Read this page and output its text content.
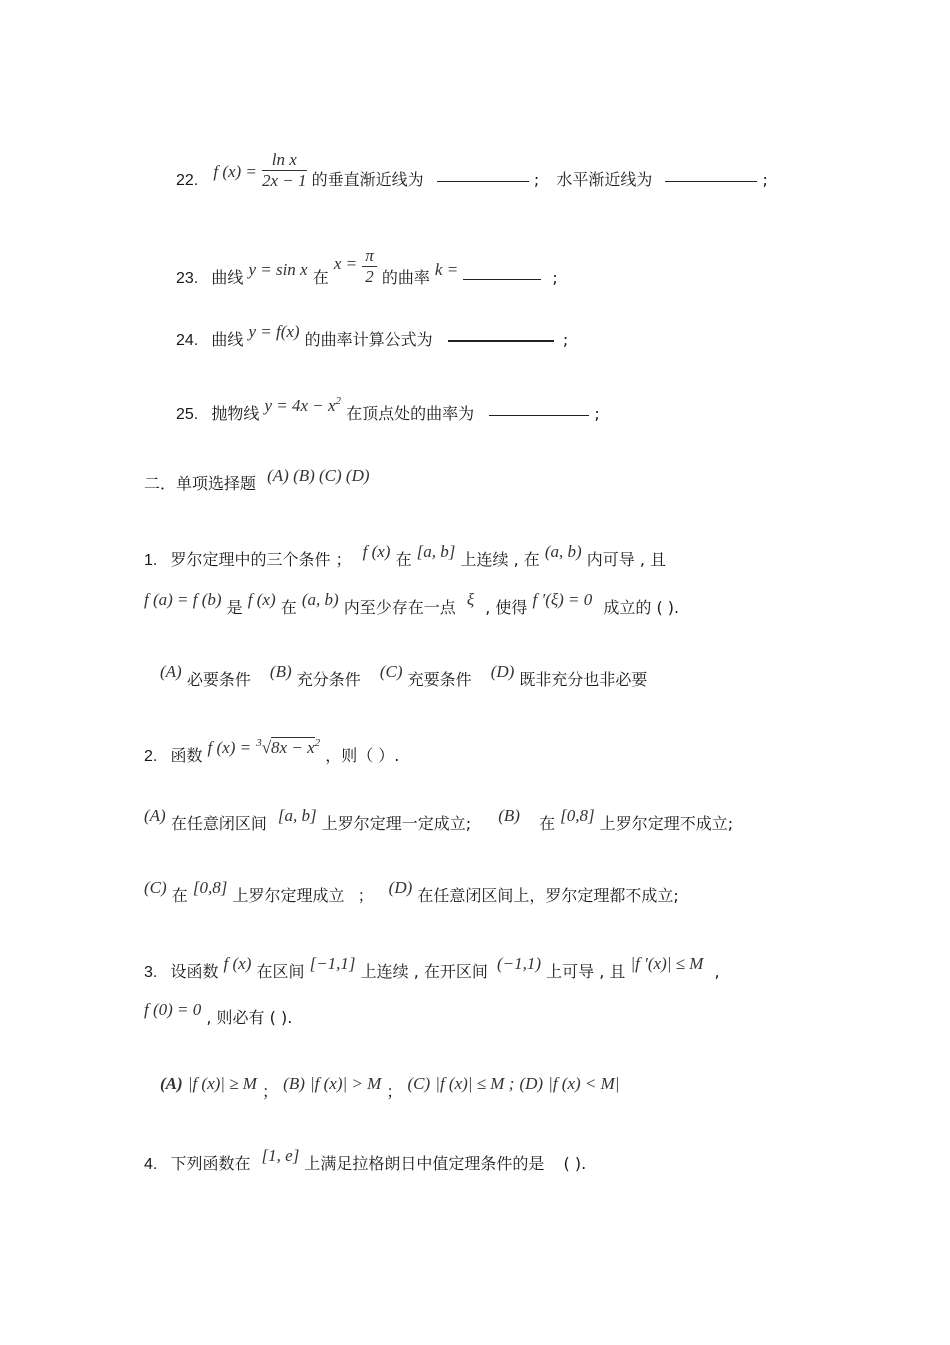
22. f $(x) = \frac{\text{ln x}}{2x - 1}$ 的垂直渐近线为	; 水平渐近线为	;
23. 曲线 y = sin x 在 $x = \frac{\pi}{2}$ 的曲率 k =	;
24. 曲线 y = f(x) 的曲率计算公式为	;
25. 抛物线 $y = 4x - x^2$ 在顶点处的曲率为	;
二．单项选择题 (A) (B) (C) (D)
1. 罗尔定理中的三个条件 ； f (x) 在 [a, b] 上连续 , 在 (a, b) 内可导 , 且
f (a) = f (b) 是 f (x) 在 (a, b) 内至少存在一点 ξ , 使得 f ′(ξ) = 0 成立的 ( ).
(A) 必要条件 (B) 充分条件 (C) 充要条件 (D) 既非充分也非必要
2. 函数 f $(x) = ^3√8x - x^2$ ，则（ ）.
(A) 在任意闭区间 [a, b] 上罗尔定理一定成立; (B) 在 [0,8] 上罗尔定理不成立;
(C) 在 [0,8] 上罗尔定理成立 ； (D) 在任意闭区间上，罗尔定理都不成立;
3. 设函数 f (x) 在区间 [−1,1] 上连续 , 在开区间 (−1,1) 上可导 , 且 |f ′(x)| ≤ M ,
f (0) = 0 , 则必有 ( ).
(A) |f (x)| ≥ M ； (B) |f (x)| > M ； (C) |f (x)| ≤ M ; (D) |f (x) < M|
4. 下列函数在 [1, e] 上满足拉格朗日中值定理条件的是 ( ).
